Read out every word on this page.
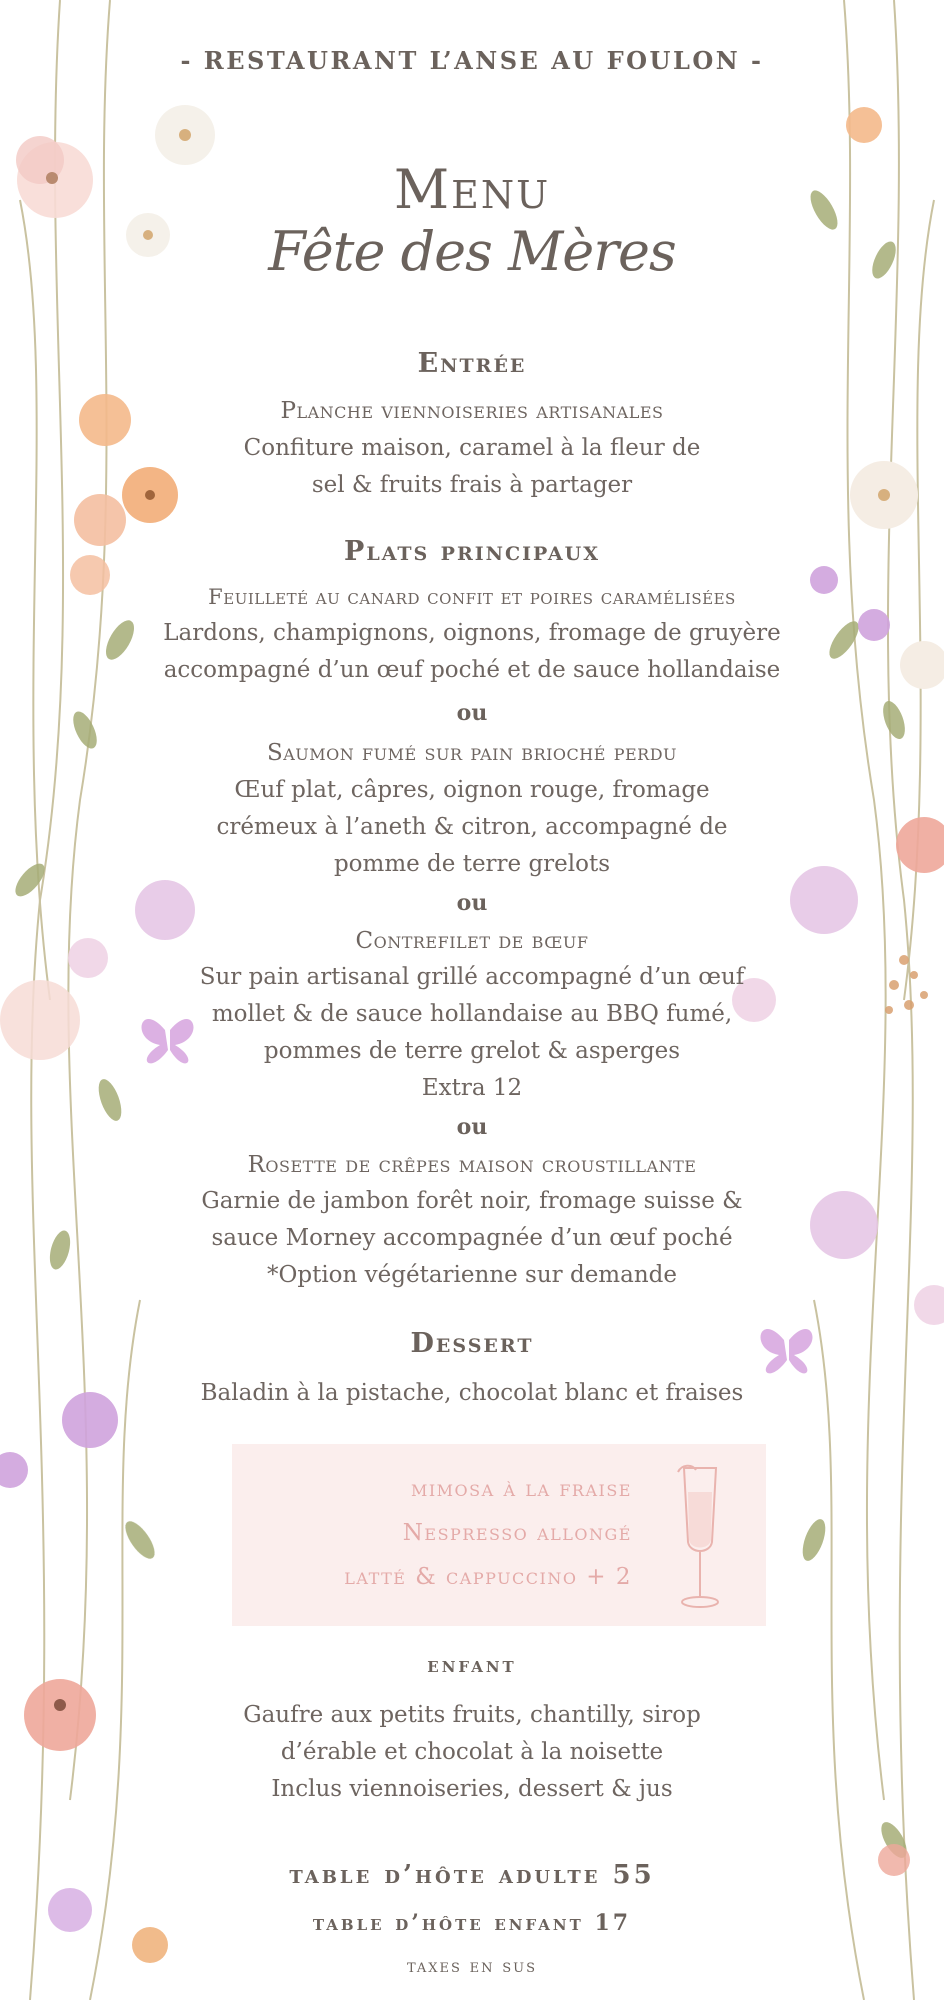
- RESTAURANT L’ANSE AU FOULON -
Menu
Fête des Mères
Entrée
Planche viennoiseries artisanales
Confiture maison, caramel à la fleur de
sel & fruits frais à partager
Plats principaux
Feuilleté au canard confit et poires caramélisées
Lardons, champignons, oignons, fromage de gruyère
accompagné d’un œuf poché et de sauce hollandaise
ou
Saumon fumé sur pain brioché perdu
Œuf plat, câpres, oignon rouge, fromage
crémeux à l’aneth & citron, accompagné de
pomme de terre grelots
ou
Contrefilet de bœuf
Sur pain artisanal grillé accompagné d’un œuf
mollet & de sauce hollandaise au BBQ fumé,
pommes de terre grelot & asperges
Extra 12
ou
Rosette de crêpes maison croustillante
Garnie de jambon forêt noir, fromage suisse &
sauce Morney accompagnée d’un œuf poché
*Option végétarienne sur demande
Dessert
Baladin à la pistache, chocolat blanc et fraises
enfant
Gaufre aux petits fruits, chantilly, sirop
d’érable et chocolat à la noisette
Inclus viennoiseries, dessert & jus
table d’hôte adulte 55
table d’hôte enfant 17
taxes en sus
mimosa à la fraise
Nespresso allongé
latté & cappuccino + 2
